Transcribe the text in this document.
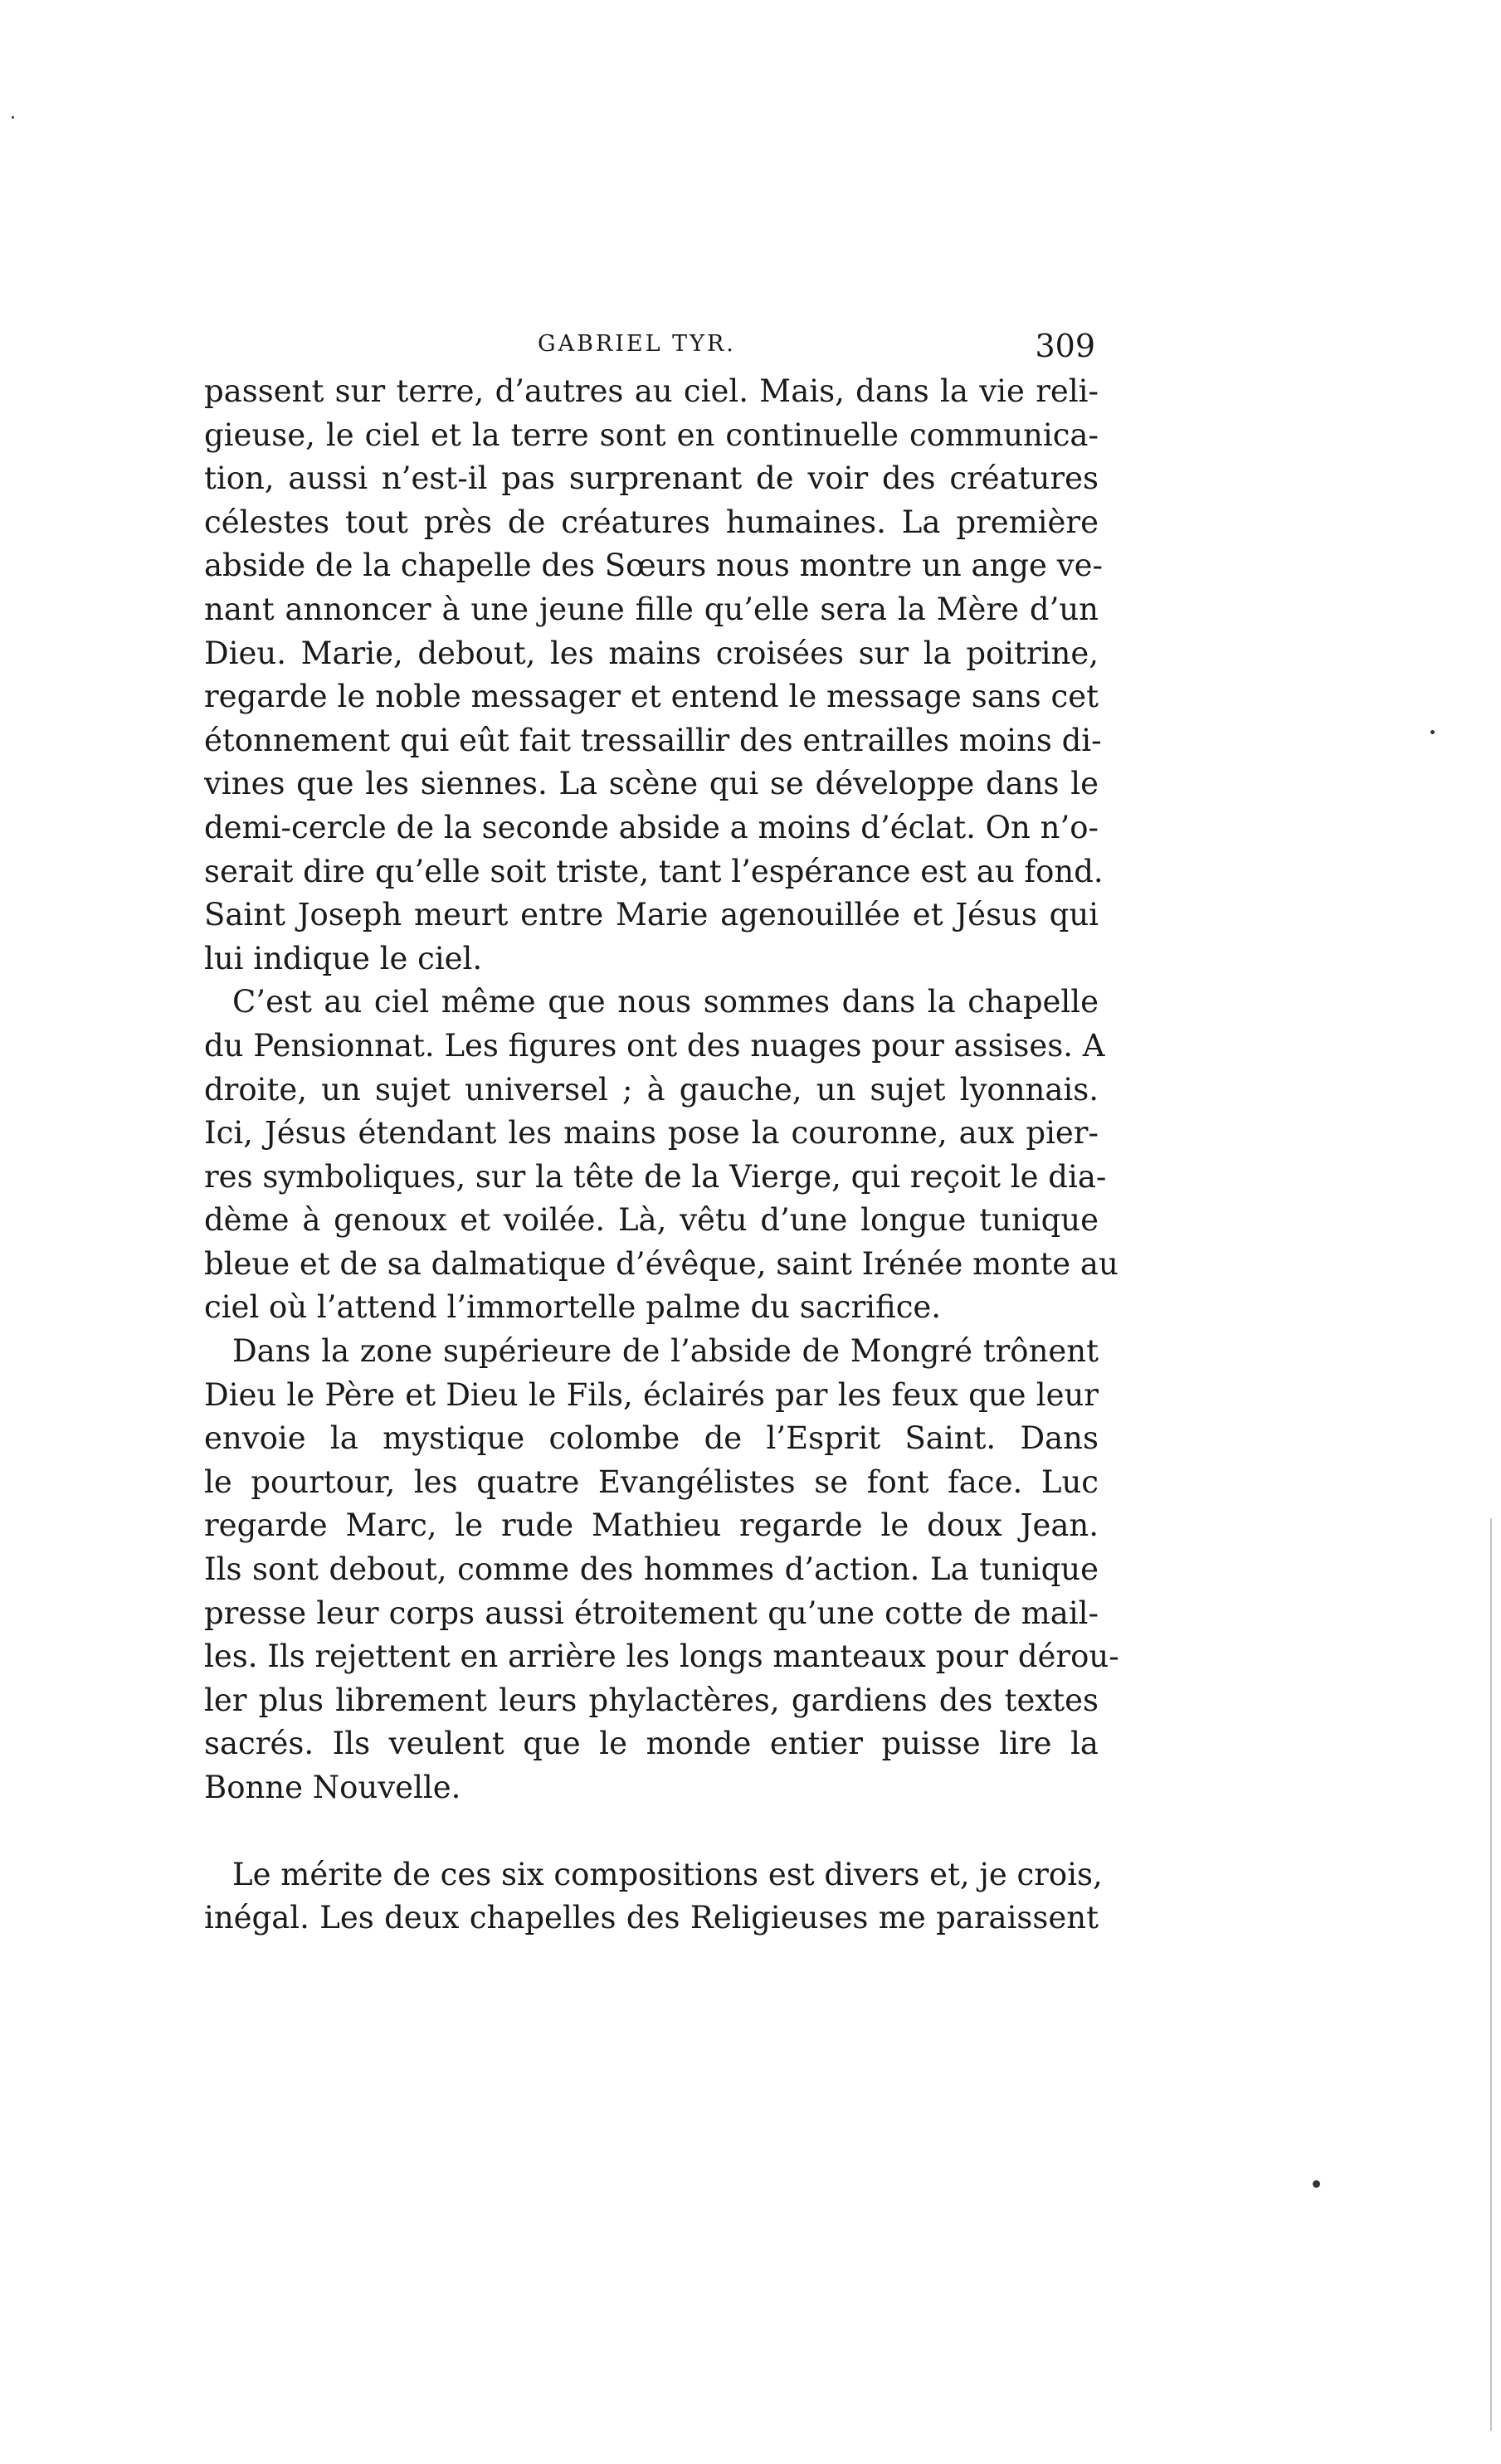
GABRIEL TYR.	309
passent sur terre, d’autres au ciel. Mais, dans la vie reli-
gieuse, le ciel et la terre sont en continuelle communica-
tion, aussi n’est-il pas surprenant de voir des créatures
célestes tout près de créatures humaines. La première
abside de la chapelle des Sœurs nous montre un ange ve-
nant annoncer à une jeune fille qu’elle sera la Mère d’un
Dieu. Marie, debout, les mains croisées sur la poitrine,
regarde le noble messager et entend le message sans cet
étonnement qui eût fait tressaillir des entrailles moins di-
vines que les siennes. La scène qui se développe dans le
demi-cercle de la seconde abside a moins d’éclat. On n’o-
serait dire qu’elle soit triste, tant l’espérance est au fond.
Saint Joseph meurt entre Marie agenouillée et Jésus qui
lui indique le ciel.
C’est au ciel même que nous sommes dans la chapelle
du Pensionnat. Les figures ont des nuages pour assises. A
droite, un sujet universel ; à gauche, un sujet lyonnais.
Ici, Jésus étendant les mains pose la couronne, aux pier-
res symboliques, sur la tête de la Vierge, qui reçoit le dia-
dème à genoux et voilée. Là, vêtu d’une longue tunique
bleue et de sa dalmatique d’évêque, saint Irénée monte au
ciel où l’attend l’immortelle palme du sacrifice.
Dans la zone supérieure de l’abside de Mongré trônent
Dieu le Père et Dieu le Fils, éclairés par les feux que leur
envoie la mystique colombe de l’Esprit Saint. Dans
le pourtour, les quatre Evangélistes se font face. Luc
regarde Marc, le rude Mathieu regarde le doux Jean.
Ils sont debout, comme des hommes d’action. La tunique
presse leur corps aussi étroitement qu’une cotte de mail-
les. Ils rejettent en arrière les longs manteaux pour dérou-
ler plus librement leurs phylactères, gardiens des textes
sacrés. Ils veulent que le monde entier puisse lire la
Bonne Nouvelle.
Le mérite de ces six compositions est divers et, je crois,
inégal. Les deux chapelles des Religieuses me paraissent
